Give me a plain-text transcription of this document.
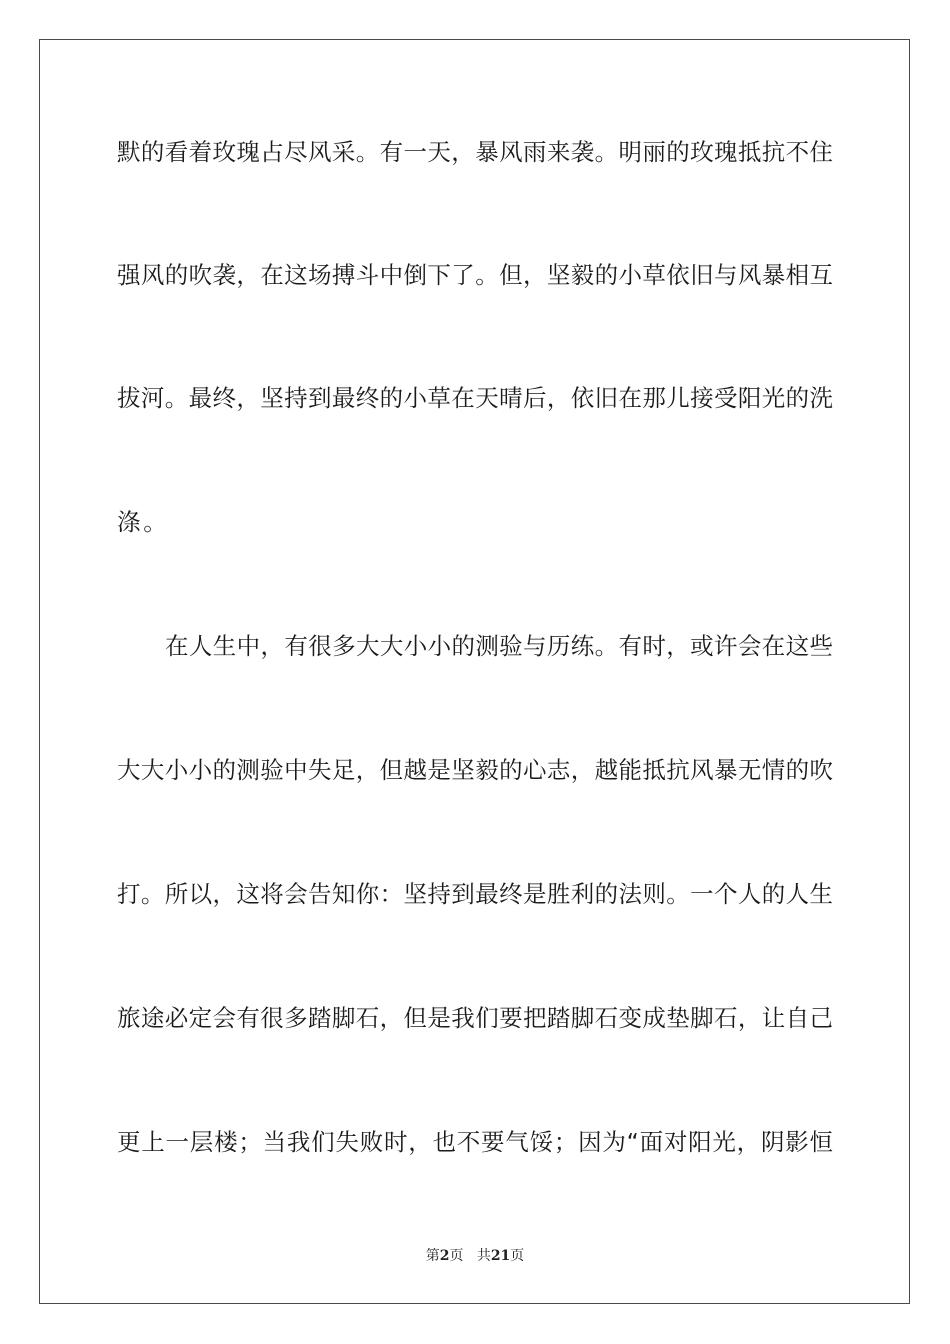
默的看着玫瑰占尽风采。有一天，暴风雨来袭。明丽的玫瑰抵抗不住
强风的吹袭，在这场搏斗中倒下了。但，坚毅的小草依旧与风暴相互
拔河。最终，坚持到最终的小草在天晴后，依旧在那儿接受阳光的洗
涤。
在人生中，有很多大大小小的测验与历练。有时，或许会在这些
大大小小的测验中失足，但越是坚毅的心志，越能抵抗风暴无情的吹
打。所以，这将会告知你：坚持到最终是胜利的法则。一个人的人生
旅途必定会有很多踏脚石，但是我们要把踏脚石变成垫脚石，让自己
更上一层楼；当我们失败时，也不要气馁；因为“面对阳光，阴影恒
第2页 共21页
